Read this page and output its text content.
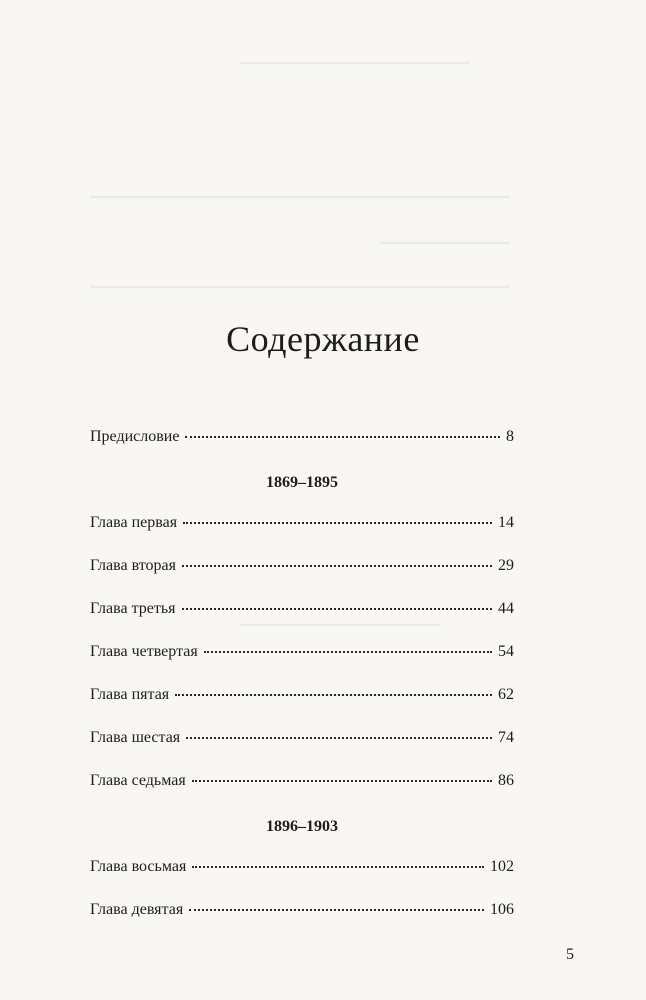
Содержание
Предисловие	8
1869–1895
Глава первая	14
Глава вторая	29
Глава третья	44
Глава четвертая	54
Глава пятая	62
Глава шестая	74
Глава седьмая	86
1896–1903
Глава восьмая	102
Глава девятая	106
5
